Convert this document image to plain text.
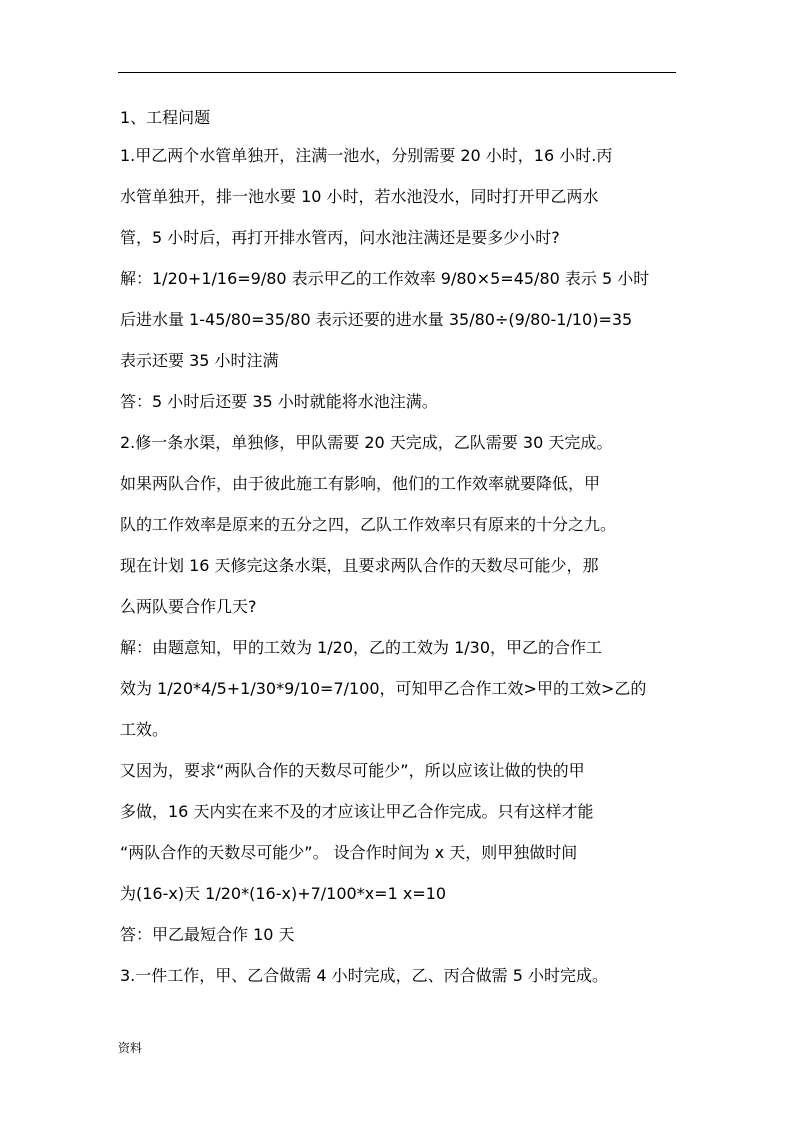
1、工程问题
1.甲乙两个水管单独开，注满一池水，分别需要 20 小时，16 小时.丙
水管单独开，排一池水要 10 小时，若水池没水，同时打开甲乙两水
管，5 小时后，再打开排水管丙，问水池注满还是要多少小时?
解：1/20+1/16=9/80 表示甲乙的工作效率 9/80×5=45/80 表示 5 小时
后进水量 1-45/80=35/80 表示还要的进水量 35/80÷(9/80-1/10)=35
表示还要 35 小时注满
答：5 小时后还要 35 小时就能将水池注满。
2.修一条水渠，单独修，甲队需要 20 天完成，乙队需要 30 天完成。
如果两队合作，由于彼此施工有影响，他们的工作效率就要降低，甲
队的工作效率是原来的五分之四，乙队工作效率只有原来的十分之九。
现在计划 16 天修完这条水渠，且要求两队合作的天数尽可能少，那
么两队要合作几天?
解：由题意知，甲的工效为 1/20，乙的工效为 1/30，甲乙的合作工
效为 1/20*4/5+1/30*9/10=7/100，可知甲乙合作工效>甲的工效>乙的
工效。
又因为，要求“两队合作的天数尽可能少”，所以应该让做的快的甲
多做，16 天内实在来不及的才应该让甲乙合作完成。只有这样才能
“两队合作的天数尽可能少”。 设合作时间为 x 天，则甲独做时间
为(16-x)天 1/20*(16-x)+7/100*x=1 x=10
答：甲乙最短合作 10 天
3.一件工作，甲、乙合做需 4 小时完成，乙、丙合做需 5 小时完成。
资料
